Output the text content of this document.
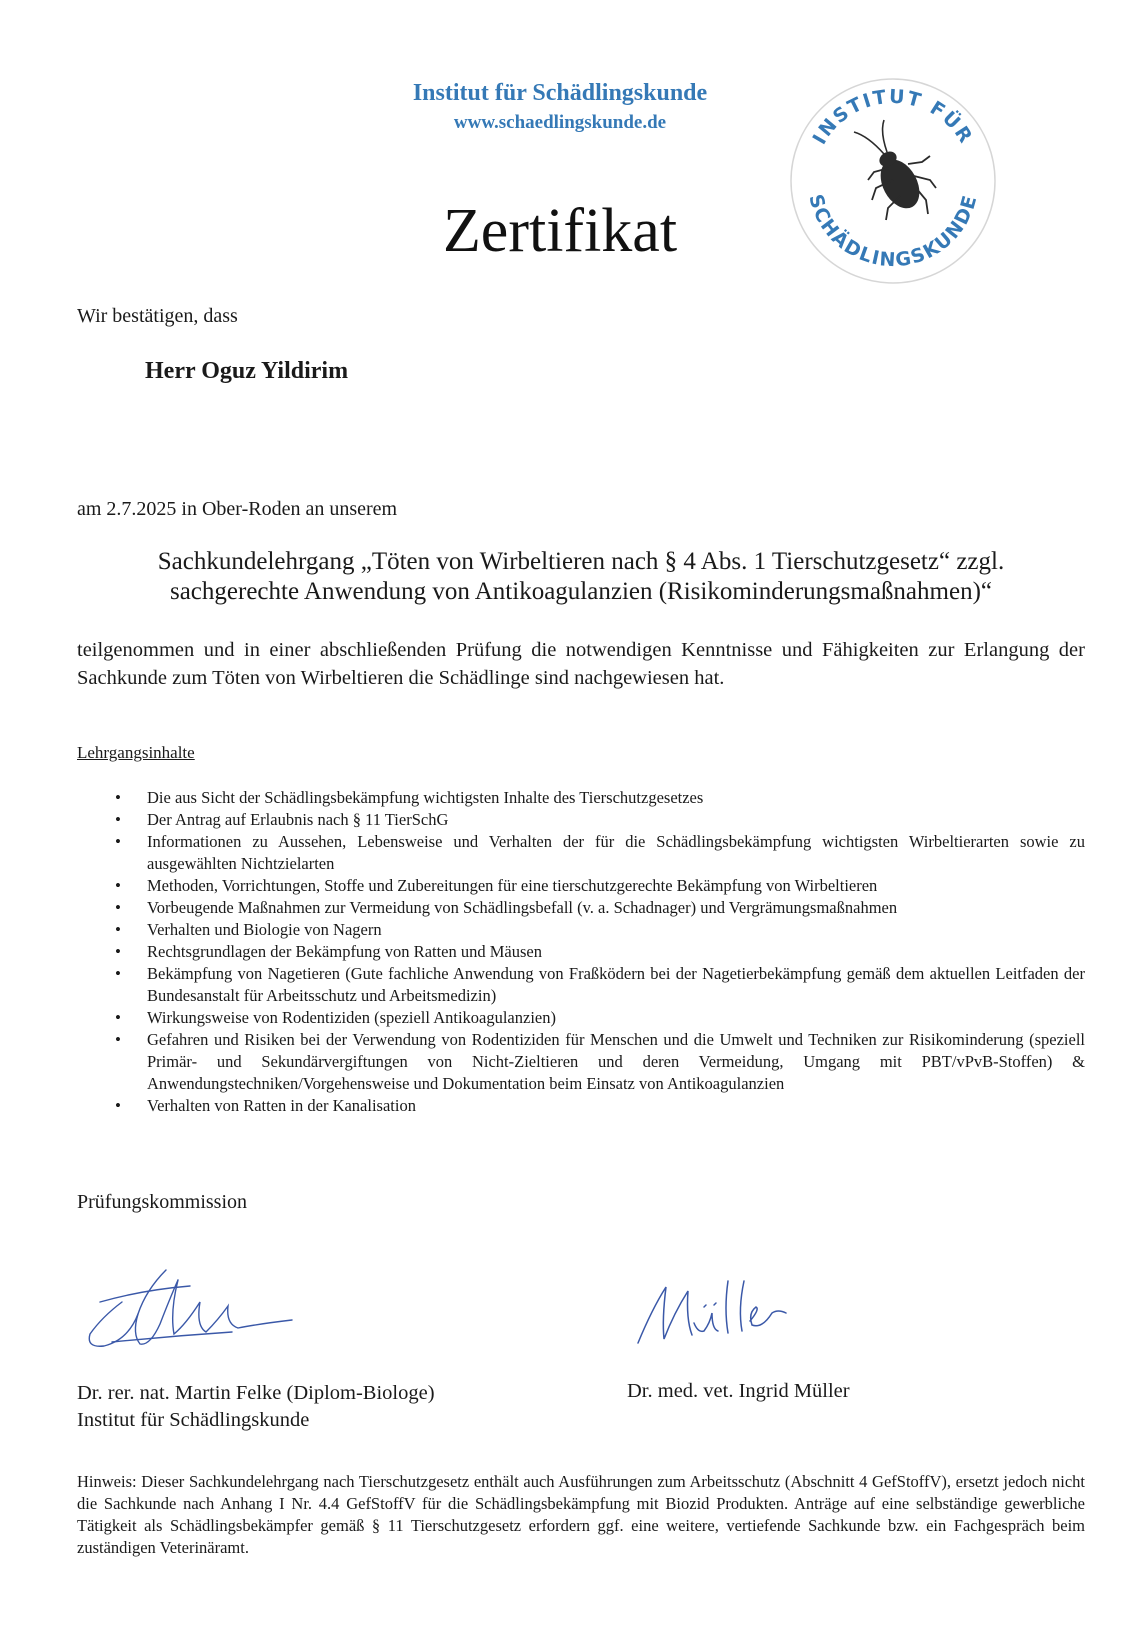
Institut für Schädlingskunde
www.schaedlingskunde.de
INSTITUT FÜR
SCHÄDLINGSKUNDE
Zertifikat
Wir bestätigen, dass
Herr Oguz Yildirim
am 2.7.2025 in Ober-Roden an unserem
Sachkundelehrgang „Töten von Wirbeltieren nach § 4 Abs. 1 Tierschutzgesetz“ zzgl.
sachgerechte Anwendung von Antikoagulanzien (Risikominderungsmaßnahmen)“
teilgenommen und in einer abschließenden Prüfung die notwendigen Kenntnisse und Fähigkeiten zur Erlangung der Sachkunde zum Töten von Wirbeltieren die Schädlinge sind nachgewiesen hat.
Lehrgangsinhalte
• Die aus Sicht der Schädlingsbekämpfung wichtigsten Inhalte des Tierschutzgesetzes
• Der Antrag auf Erlaubnis nach § 11 TierSchG
• Informationen zu Aussehen, Lebensweise und Verhalten der für die Schädlingsbekämpfung wichtigsten Wirbeltierarten sowie zu ausgewählten Nichtzielarten
• Methoden, Vorrichtungen, Stoffe und Zubereitungen für eine tierschutzgerechte Bekämpfung von Wirbeltieren
• Vorbeugende Maßnahmen zur Vermeidung von Schädlingsbefall (v. a. Schadnager) und Vergrämungsmaßnahmen
• Verhalten und Biologie von Nagern
• Rechtsgrundlagen der Bekämpfung von Ratten und Mäusen
• Bekämpfung von Nagetieren (Gute fachliche Anwendung von Fraßködern bei der Nagetierbekämpfung gemäß dem aktuellen Leitfaden der Bundesanstalt für Arbeitsschutz und Arbeitsmedizin)
• Wirkungsweise von Rodentiziden (speziell Antikoagulanzien)
• Gefahren und Risiken bei der Verwendung von Rodentiziden für Menschen und die Umwelt und Techniken zur Risikominderung (speziell Primär- und Sekundärvergiftungen von Nicht-Zieltieren und deren Vermeidung, Umgang mit PBT/vPvB-Stoffen) & Anwendungstechniken/Vorgehensweise und Dokumentation beim Einsatz von Antikoagulanzien
• Verhalten von Ratten in der Kanalisation
Prüfungskommission
Dr. rer. nat. Martin Felke (Diplom-Biologe)
Institut für Schädlingskunde
Dr. med. vet. Ingrid Müller
Hinweis: Dieser Sachkundelehrgang nach Tierschutzgesetz enthält auch Ausführungen zum Arbeitsschutz (Abschnitt 4 GefStoffV), ersetzt jedoch nicht die Sachkunde nach Anhang I Nr. 4.4 GefStoffV für die Schädlingsbekämpfung mit Biozid Produkten. Anträge auf eine selbständige gewerbliche Tätigkeit als Schädlingsbekämpfer gemäß § 11 Tierschutzgesetz erfordern ggf. eine weitere, vertiefende Sachkunde bzw. ein Fachgespräch beim zuständigen Veterinäramt.
